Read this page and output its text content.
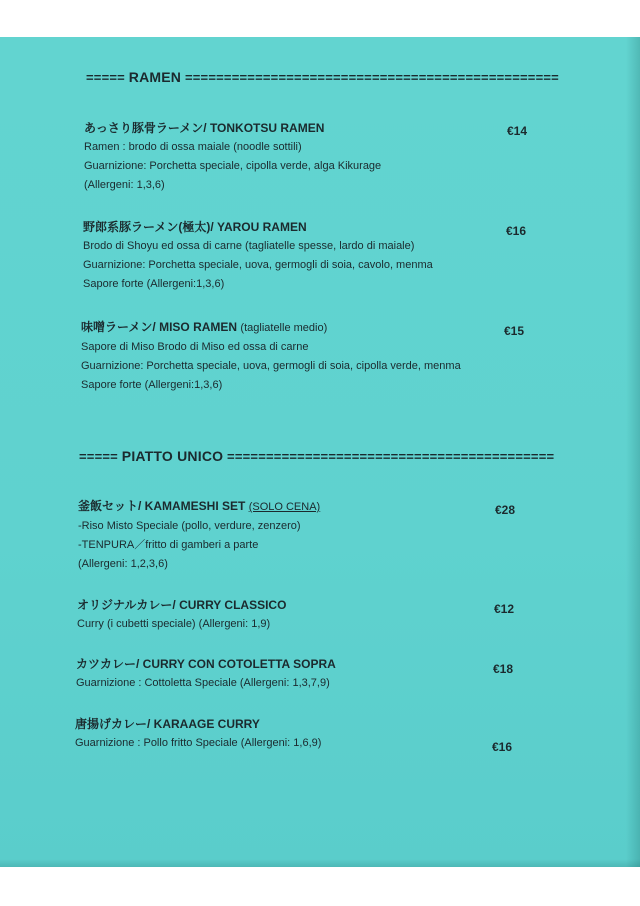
===== RAMEN ================================================
あっさり豚骨ラーメン/ TONKOTSU RAMEN
Ramen : brodo di ossa maiale (noodle sottili)
Guarnizione: Porchetta speciale, cipolla verde, alga Kikurage
(Allergeni: 1,3,6)
€14
野郎系豚ラーメン(極太)/ YAROU RAMEN
Brodo di Shoyu ed ossa di carne (tagliatelle spesse, lardo di maiale)
Guarnizione: Porchetta speciale, uova, germogli di soia, cavolo, menma
Sapore forte (Allergeni:1,3,6)
€16
味噌ラーメン/ MISO RAMEN (tagliatelle medio)
Sapore di Miso Brodo di Miso ed ossa di carne
Guarnizione: Porchetta speciale, uova, germogli di soia, cipolla verde, menma
Sapore forte (Allergeni:1,3,6)
€15
===== PIATTO UNICO ==========================================
釜飯セット/ KAMAMESHI SET (SOLO CENA)
-Riso Misto Speciale (pollo, verdure, zenzero)
-TENPURA／fritto di gamberi a parte
(Allergeni: 1,2,3,6)
€28
オリジナルカレー/ CURRY CLASSICO
Curry (i cubetti speciale) (Allergeni: 1,9)
€12
カツカレー/ CURRY CON COTOLETTA SOPRA
Guarnizione : Cottoletta Speciale (Allergeni: 1,3,7,9)
€18
唐揚げカレー/ KARAAGE CURRY
Guarnizione : Pollo fritto Speciale (Allergeni: 1,6,9)	€16
